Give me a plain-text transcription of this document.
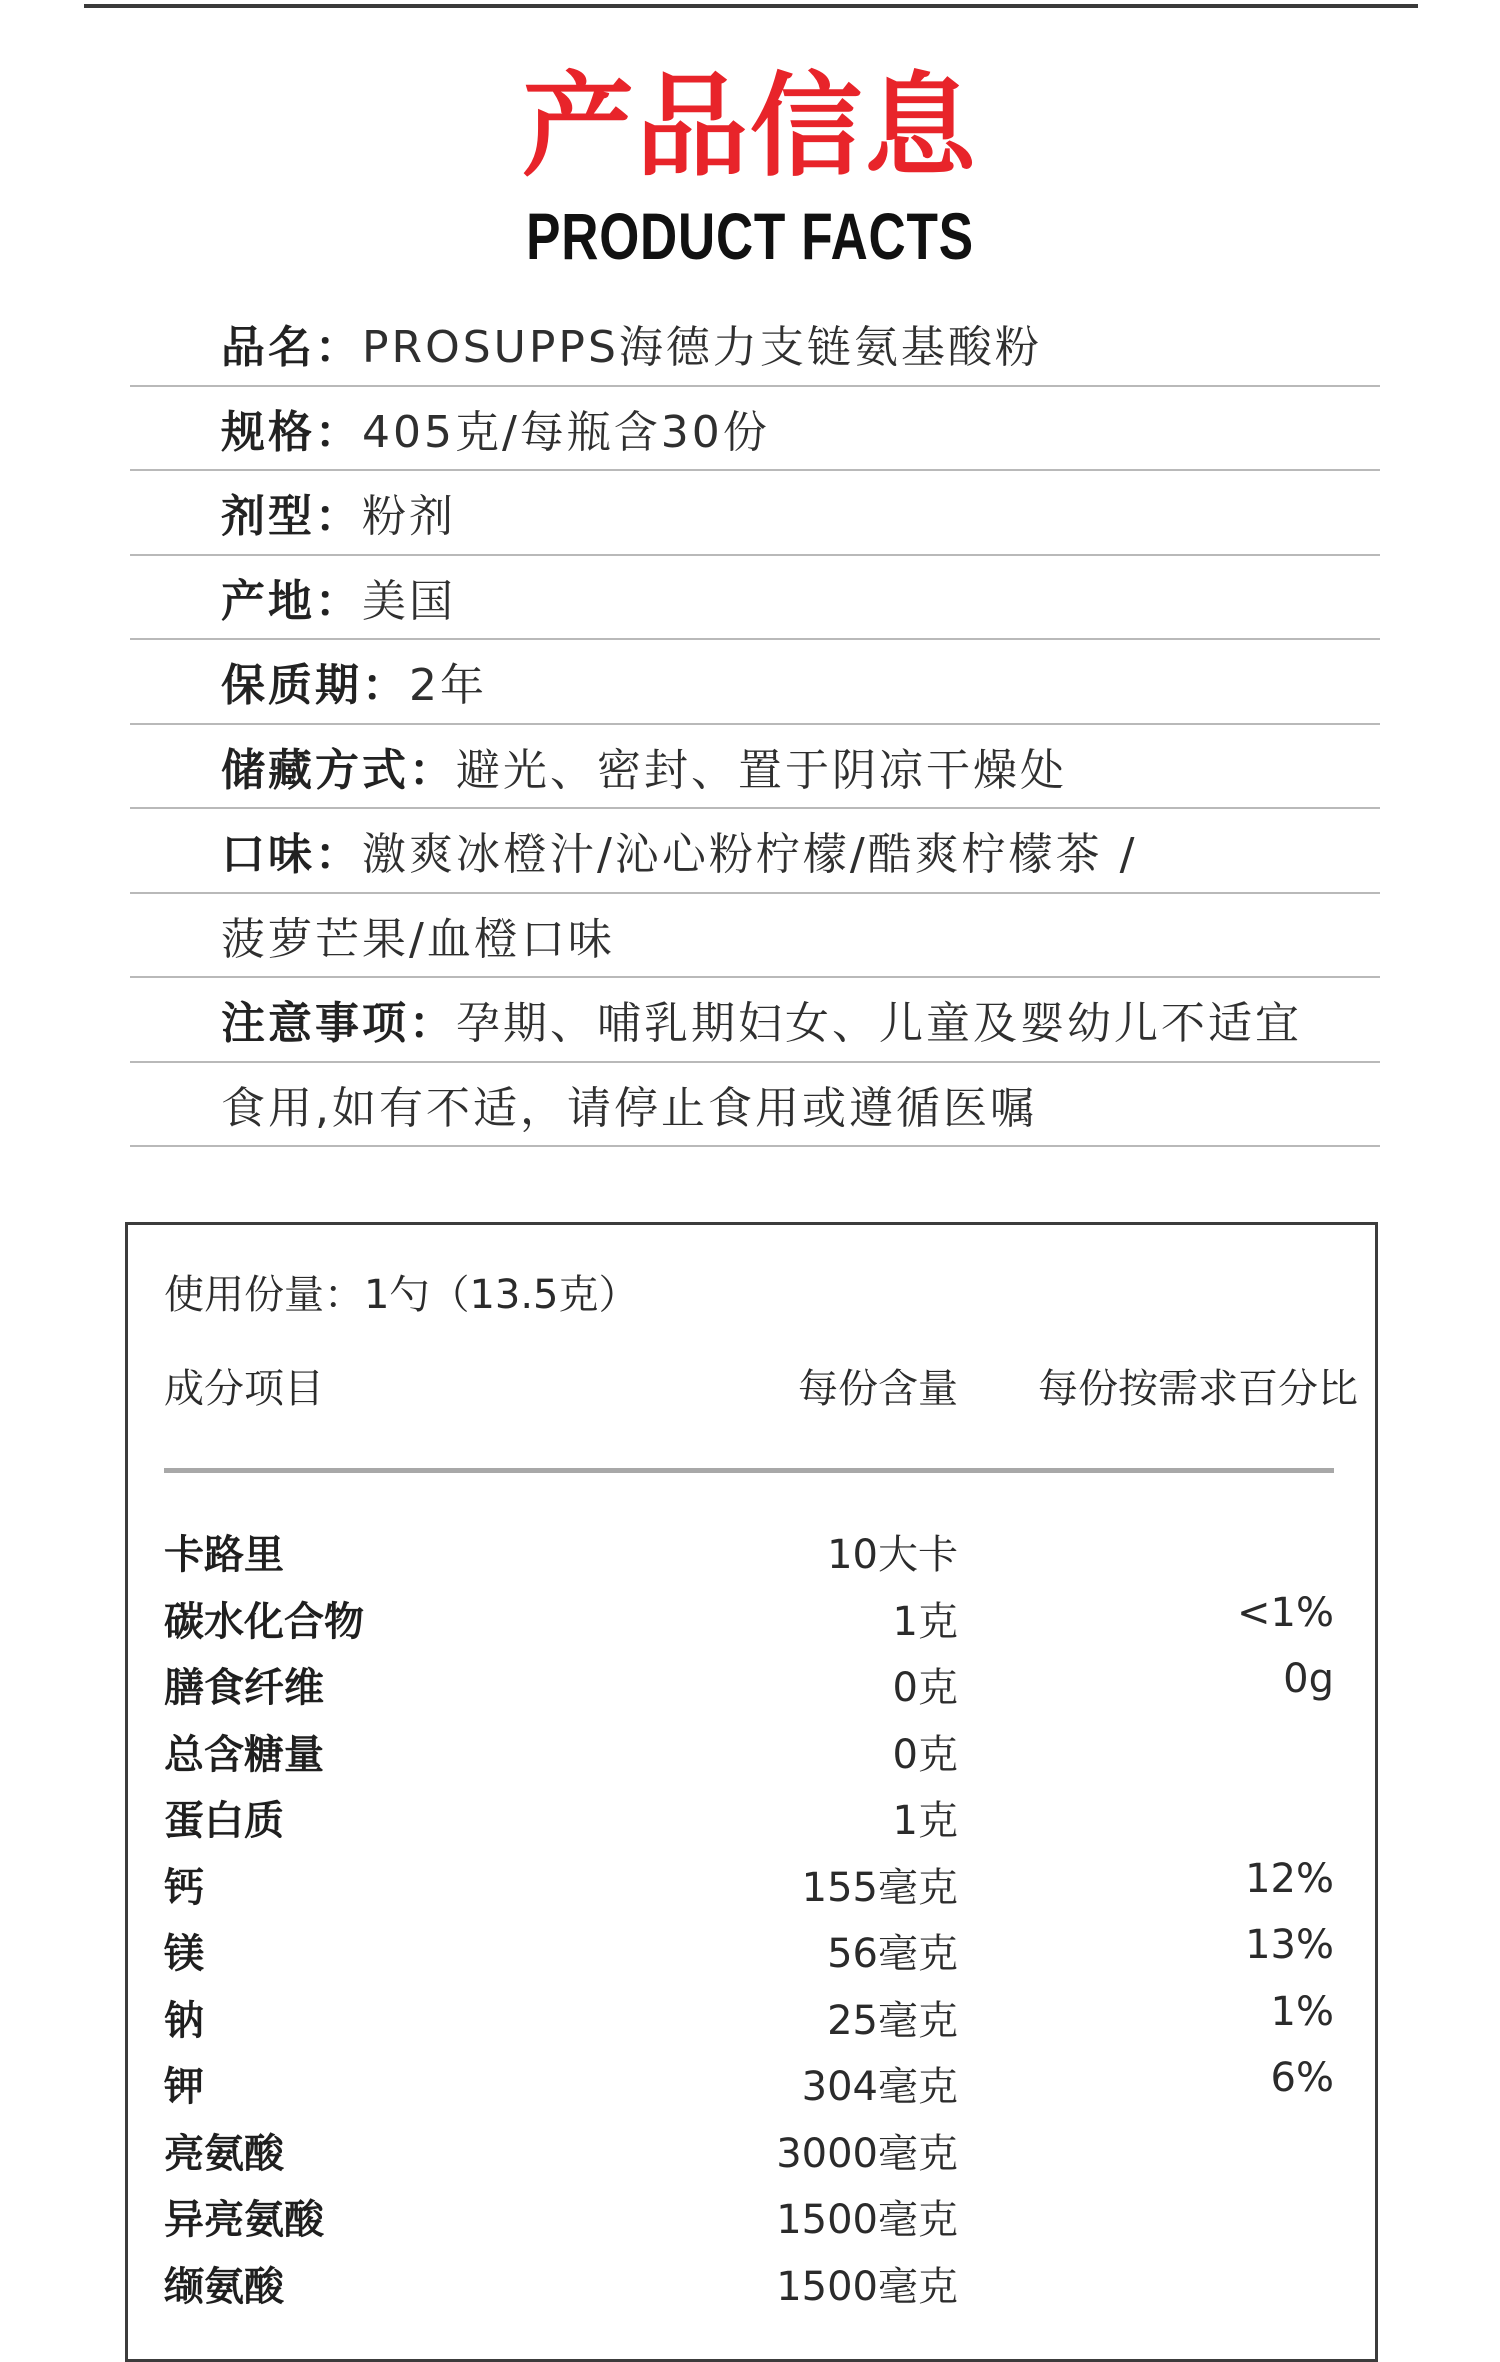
产品信息
PRODUCT FACTS
品名： PROSUPPS海德力支链氨基酸粉
规格： 405克/每瓶含30份
剂型： 粉剂
产地： 美国
保质期： 2年
储藏方式： 避光、密封、置于阴凉干燥处
口味： 激爽冰橙汁/沁心粉柠檬/酷爽柠檬茶 /
菠萝芒果/血橙口味
注意事项： 孕期、哺乳期妇女、儿童及婴幼儿不适宜
食用,如有不适，请停止食用或遵循医嘱
使用份量：1勺（13.5克）
成分项目	每份含量	每份按需求百分比
卡路里	10大卡
碳水化合物	1克	<1%
膳食纤维	0克	0g
总含糖量	0克
蛋白质	1克
钙	155毫克	12%
镁	56毫克	13%
钠	25毫克	1%
钾	304毫克	6%
亮氨酸	3000毫克
异亮氨酸	1500毫克
缬氨酸	1500毫克
